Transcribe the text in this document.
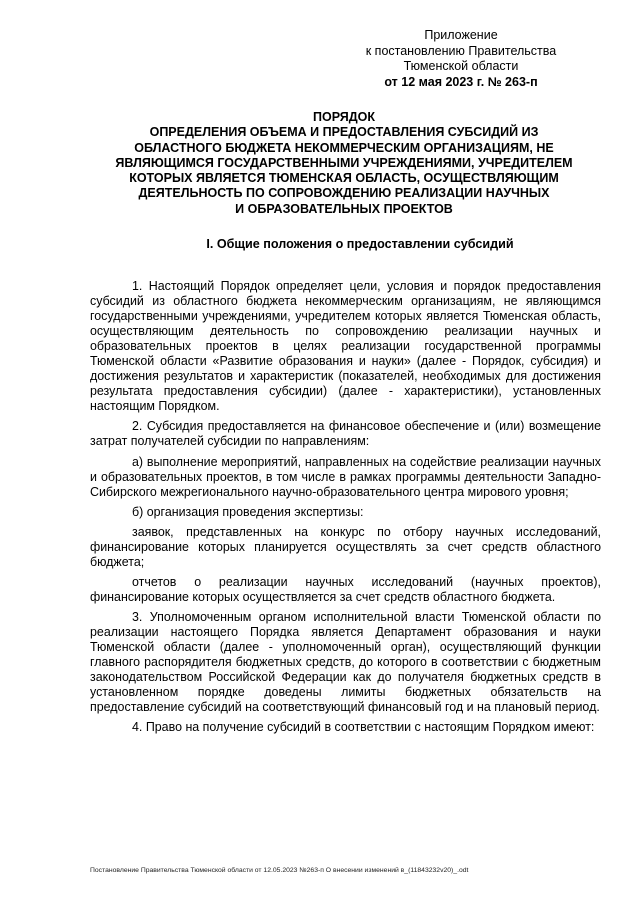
Приложение
к постановлению Правительства
Тюменской области
от 12 мая 2023 г. № 263-п
ПОРЯДОК
ОПРЕДЕЛЕНИЯ ОБЪЕМА И ПРЕДОСТАВЛЕНИЯ СУБСИДИЙ ИЗ
ОБЛАСТНОГО БЮДЖЕТА НЕКОММЕРЧЕСКИМ ОРГАНИЗАЦИЯМ, НЕ
ЯВЛЯЮЩИМСЯ ГОСУДАРСТВЕННЫМИ УЧРЕЖДЕНИЯМИ, УЧРЕДИТЕЛЕМ
КОТОРЫХ ЯВЛЯЕТСЯ ТЮМЕНСКАЯ ОБЛАСТЬ, ОСУЩЕСТВЛЯЮЩИМ
ДЕЯТЕЛЬНОСТЬ ПО СОПРОВОЖДЕНИЮ РЕАЛИЗАЦИИ НАУЧНЫХ
И ОБРАЗОВАТЕЛЬНЫХ ПРОЕКТОВ
I. Общие положения о предоставлении субсидий

1. Настоящий Порядок определяет цели, условия и порядок предоставления субсидий из областного бюджета некоммерческим организациям, не являющимся государственными учреждениями, учредителем которых является Тюменская область, осуществляющим деятельность по сопровождению реализации научных и образовательных проектов в целях реализации государственной программы Тюменской области «Развитие образования и науки» (далее - Порядок, субсидия) и достижения результатов и характеристик (показателей, необходимых для достижения результата предоставления субсидии) (далее - характеристики), установленных настоящим Порядком.

2. Субсидия предоставляется на финансовое обеспечение и (или) возмещение затрат получателей субсидии по направлениям:

а) выполнение мероприятий, направленных на содействие реализации научных и образовательных проектов, в том числе в рамках программы деятельности Западно-Сибирского межрегионального научно-образовательного центра мирового уровня;

б) организация проведения экспертизы:

заявок, представленных на конкурс по отбору научных исследований, финансирование которых планируется осуществлять за счет средств областного бюджета;

отчетов о реализации научных исследований (научных проектов), финансирование которых осуществляется за счет средств областного бюджета.

3. Уполномоченным органом исполнительной власти Тюменской области по реализации настоящего Порядка является Департамент образования и науки Тюменской области (далее - уполномоченный орган), осуществляющий функции главного распорядителя бюджетных средств, до которого в соответствии с бюджетным законодательством Российской Федерации как до получателя бюджетных средств в установленном порядке доведены лимиты бюджетных обязательств на предоставление субсидий на соответствующий финансовый год и на плановый период.

4. Право на получение субсидий в соответствии с настоящим Порядком имеют:

Постановление Правительства Тюменской области от 12.05.2023 №263-п О внесении изменений в_(11843232v20)_.odt
